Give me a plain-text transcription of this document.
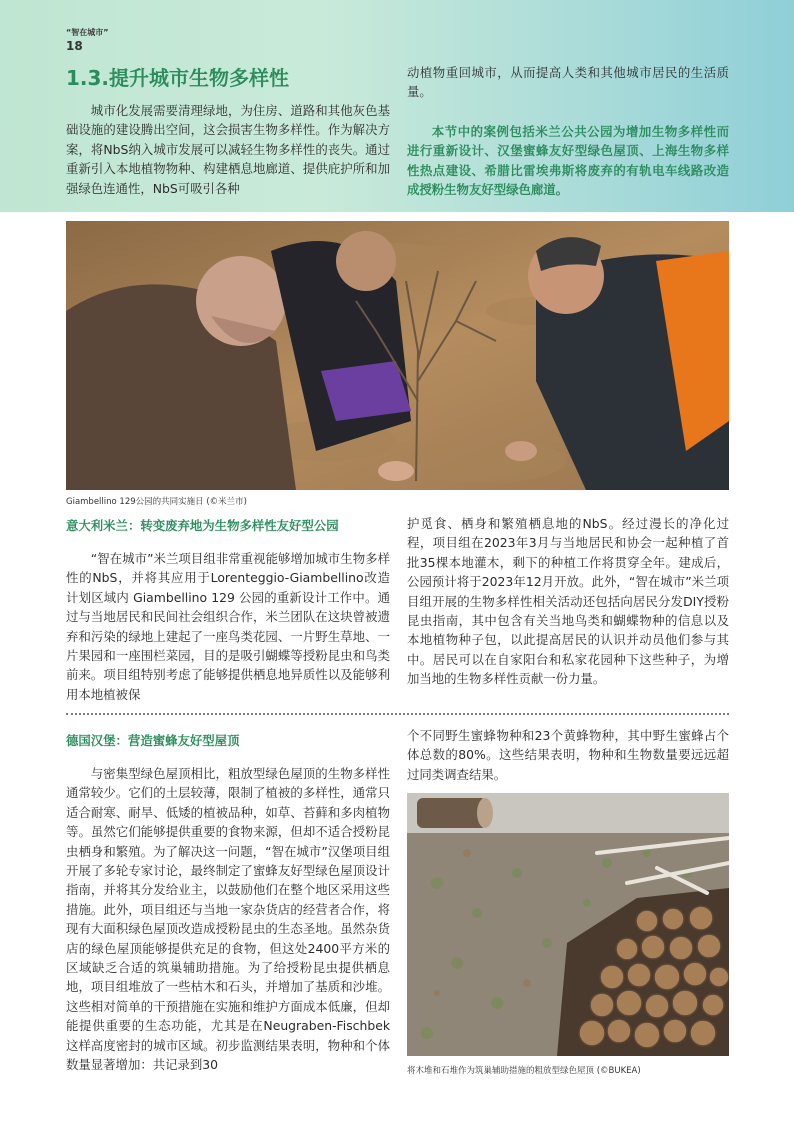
“智在城市”
18
1.3.提升城市生物多样性

城市化发展需要清理绿地，为住房、道路和其他灰色基础设施的建设腾出空间，这会损害生物多样性。作为解决方案，将NbS纳入城市发展可以减轻生物多样性的丧失。通过重新引入本地植物物种、构建栖息地廊道、提供庇护所和加强绿色连通性，NbS可吸引各种

动植物重回城市，从而提高人类和其他城市居民的生活质量。

本节中的案例包括米兰公共公园为增加生物多样性而进行重新设计、汉堡蜜蜂友好型绿色屋顶、上海生物多样性热点建设、希腊比雷埃弗斯将废弃的有轨电车线路改造成授粉生物友好型绿色廊道。

Giambellino 129公园的共同实施日 (©米兰市)
意大利米兰：转变废弃地为生物多样性友好型公园

“智在城市”米兰项目组非常重视能够增加城市生物多样性的NbS，并将其应用于Lorenteggio-Giambellino改造计划区域内 Giambellino 129 公园的重新设计工作中。通过与当地居民和民间社会组织合作，米兰团队在这块曾被遗弃和污染的绿地上建起了一座鸟类花园、一片野生草地、一片果园和一座围栏菜园，目的是吸引蝴蝶等授粉昆虫和鸟类前来。项目组特别考虑了能够提供栖息地异质性以及能够利用本地植被保

护觅食、栖身和繁殖栖息地的NbS。经过漫长的净化过程，项目组在2023年3月与当地居民和协会一起种植了首批35棵本地灌木，剩下的种植工作将贯穿全年。建成后，公园预计将于2023年12月开放。此外，“智在城市”米兰项目组开展的生物多样性相关活动还包括向居民分发DIY授粉昆虫指南，其中包含有关当地鸟类和蝴蝶物种的信息以及本地植物种子包，以此提高居民的认识并动员他们参与其中。居民可以在自家阳台和私家花园种下这些种子，为增加当地的生物多样性贡献一份力量。

德国汉堡：营造蜜蜂友好型屋顶

与密集型绿色屋顶相比，粗放型绿色屋顶的生物多样性通常较少。它们的土层较薄，限制了植被的多样性，通常只适合耐寒、耐旱、低矮的植被品种，如草、苔藓和多肉植物等。虽然它们能够提供重要的食物来源，但却不适合授粉昆虫栖身和繁殖。为了解决这一问题，“智在城市”汉堡项目组开展了多轮专家讨论，最终制定了蜜蜂友好型绿色屋顶设计指南，并将其分发给业主，以鼓励他们在整个地区采用这些措施。此外，项目组还与当地一家杂货店的经营者合作，将现有大面积绿色屋顶改造成授粉昆虫的生态圣地。虽然杂货店的绿色屋顶能够提供充足的食物，但这处2400平方米的区域缺乏合适的筑巢辅助措施。为了给授粉昆虫提供栖息地，项目组堆放了一些枯木和石头，并增加了基质和沙堆。这些相对简单的干预措施在实施和维护方面成本低廉，但却能提供重要的生态功能，尤其是在Neugraben-Fischbek这样高度密封的城市区域。初步监测结果表明，物种和个体数量显著增加：共记录到30

个不同野生蜜蜂物种和23个黄蜂物种，其中野生蜜蜂占个体总数的80%。这些结果表明，物种和生物数量要远远超过同类调查结果。

将木堆和石堆作为筑巢辅助措施的粗放型绿色屋顶 (©BUKEA)
